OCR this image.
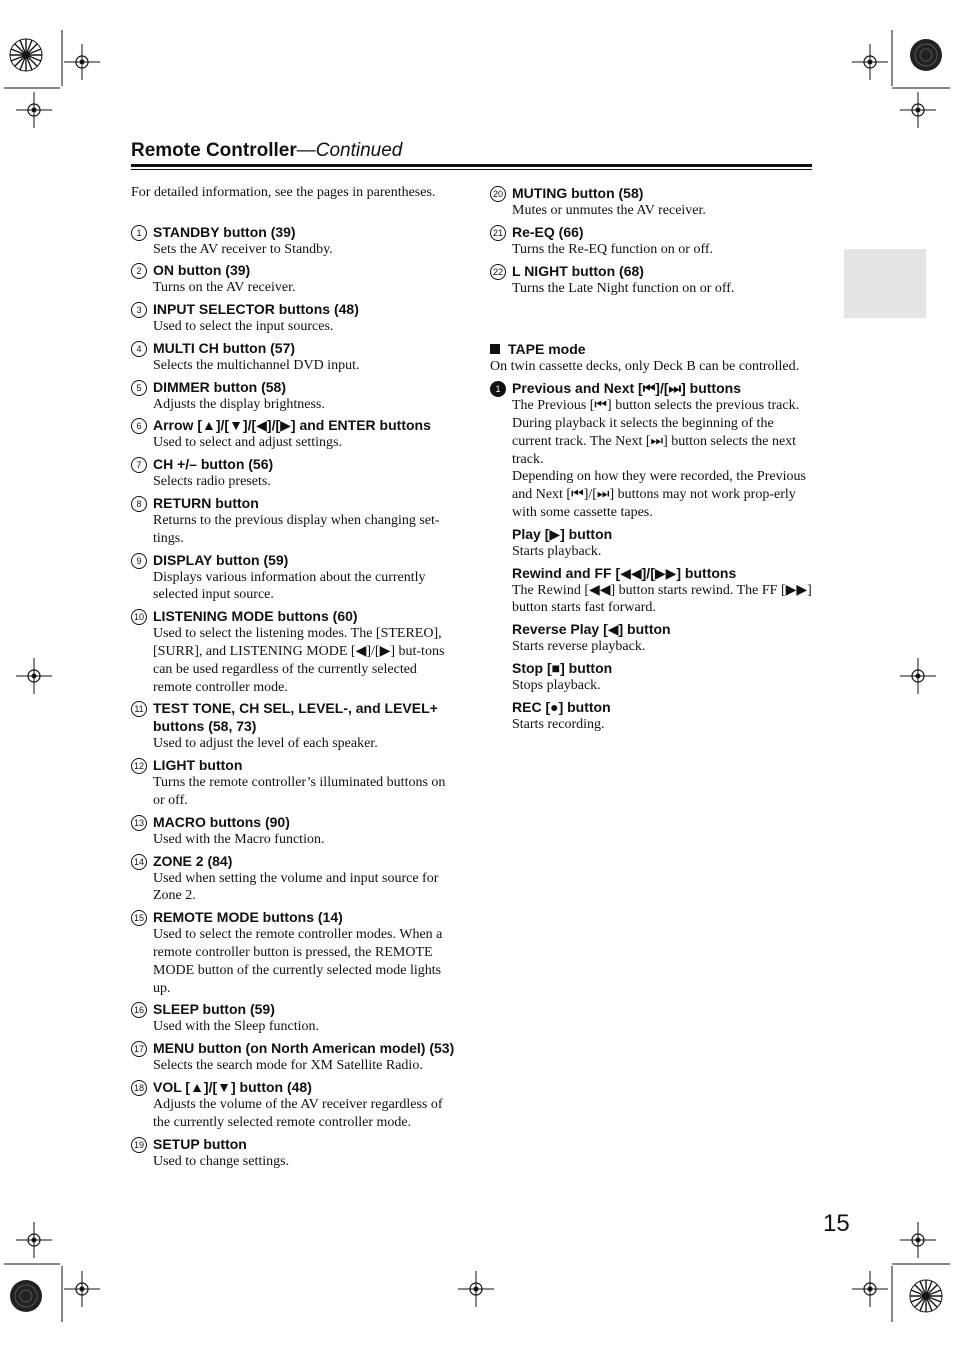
Remote Controller—Continued
For detailed information, see the pages in parentheses.
1 STANDBY button (39)
Sets the AV receiver to Standby.
2 ON button (39)
Turns on the AV receiver.
3 INPUT SELECTOR buttons (48)
Used to select the input sources.
4 MULTI CH button (57)
Selects the multichannel DVD input.
5 DIMMER button (58)
Adjusts the display brightness.
6 Arrow [▲]/[▼]/[◀]/[▶] and ENTER buttons
Used to select and adjust settings.
7 CH +/– button (56)
Selects radio presets.
8 RETURN button
Returns to the previous display when changing set-tings.
9 DISPLAY button (59)
Displays various information about the currently selected input source.
10 LISTENING MODE buttons (60)
Used to select the listening modes. The [STEREO], [SURR], and LISTENING MODE [◀]/[▶] but-tons can be used regardless of the currently selected remote controller mode.
11 TEST TONE, CH SEL, LEVEL-, and LEVEL+ buttons (58, 73)
Used to adjust the level of each speaker.
12 LIGHT button
Turns the remote controller’s illuminated buttons on or off.
13 MACRO buttons (90)
Used with the Macro function.
14 ZONE 2 (84)
Used when setting the volume and input source for Zone 2.
15 REMOTE MODE buttons (14)
Used to select the remote controller modes. When a remote controller button is pressed, the REMOTE MODE button of the currently selected mode lights up.
16 SLEEP button (59)
Used with the Sleep function.
17 MENU button (on North American model) (53)
Selects the search mode for XM Satellite Radio.
18 VOL [▲]/[▼] button (48)
Adjusts the volume of the AV receiver regardless of the currently selected remote controller mode.
19 SETUP button
Used to change settings.
20 MUTING button (58)
Mutes or unmutes the AV receiver.
21 Re-EQ (66)
Turns the Re-EQ function on or off.
22 L NIGHT button (68)
Turns the Late Night function on or off.
TAPE mode
On twin cassette decks, only Deck B can be controlled.
1 Previous and Next [⏮]/[⏭] buttons
The Previous [⏮] button selects the previous track. During playback it selects the beginning of the current track. The Next [⏭] button selects the next track.
Depending on how they were recorded, the Previous and Next [⏮]/[⏭] buttons may not work prop-erly with some cassette tapes.
Play [▶] button
Starts playback.
Rewind and FF [◀◀]/[▶▶] buttons
The Rewind [◀◀] button starts rewind. The FF [▶▶] button starts fast forward.
Reverse Play [◀] button
Starts reverse playback.
Stop [■] button
Stops playback.
REC [●] button
Starts recording.
15
